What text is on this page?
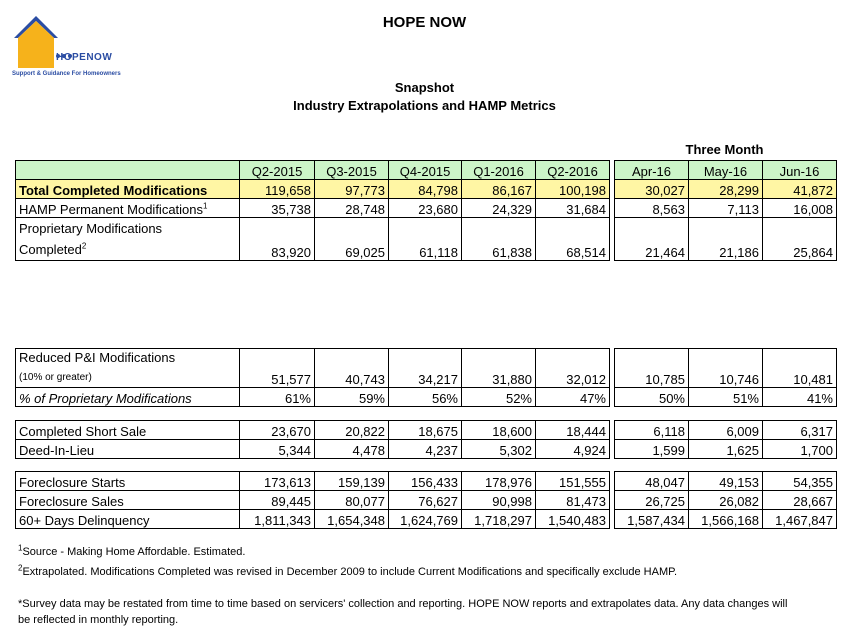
HOPENOW
Support & Guidance For Homeowners
HOPE NOW
Snapshot
Industry Extrapolations and HAMP Metrics
Three Month
	Q2-2015	Q3-2015	Q4-2015	Q1-2016	Q2-2016		Apr-16	May-16	Jun-16
Total Completed Modifications	119,658	97,773	84,798	86,167	100,198		30,027	28,299	41,872
HAMP Permanent Modifications$^1$	35,738	28,748	23,680	24,329	31,684		8,563	7,113	16,008
Proprietary Modifications
Completed$^2$	83,920	69,025	61,118	61,838	68,514		21,464	21,186	25,864
Reduced P&I Modifications
(10% or greater)	51,577	40,743	34,217	31,880	32,012		10,785	10,746	10,481
% of Proprietary Modifications	61%	59%	56%	52%	47%		50%	51%	41%
Completed Short Sale	23,670	20,822	18,675	18,600	18,444		6,118	6,009	6,317
Deed-In-Lieu	5,344	4,478	4,237	5,302	4,924		1,599	1,625	1,700
Foreclosure Starts	173,613	159,139	156,433	178,976	151,555		48,047	49,153	54,355
Foreclosure Sales	89,445	80,077	76,627	90,998	81,473		26,725	26,082	28,667
60+ Days Delinquency	1,811,343	1,654,348	1,624,769	1,718,297	1,540,483		1,587,434	1,566,168	1,467,847
$^1$Source - Making Home Affordable. Estimated.
$^2$Extrapolated. Modifications Completed was revised in December 2009 to include Current Modifications and specifically exclude HAMP.
*Survey data may be restated from time to time based on servicers' collection and reporting. HOPE NOW reports and extrapolates data. Any data changes will
be reflected in monthly reporting.
